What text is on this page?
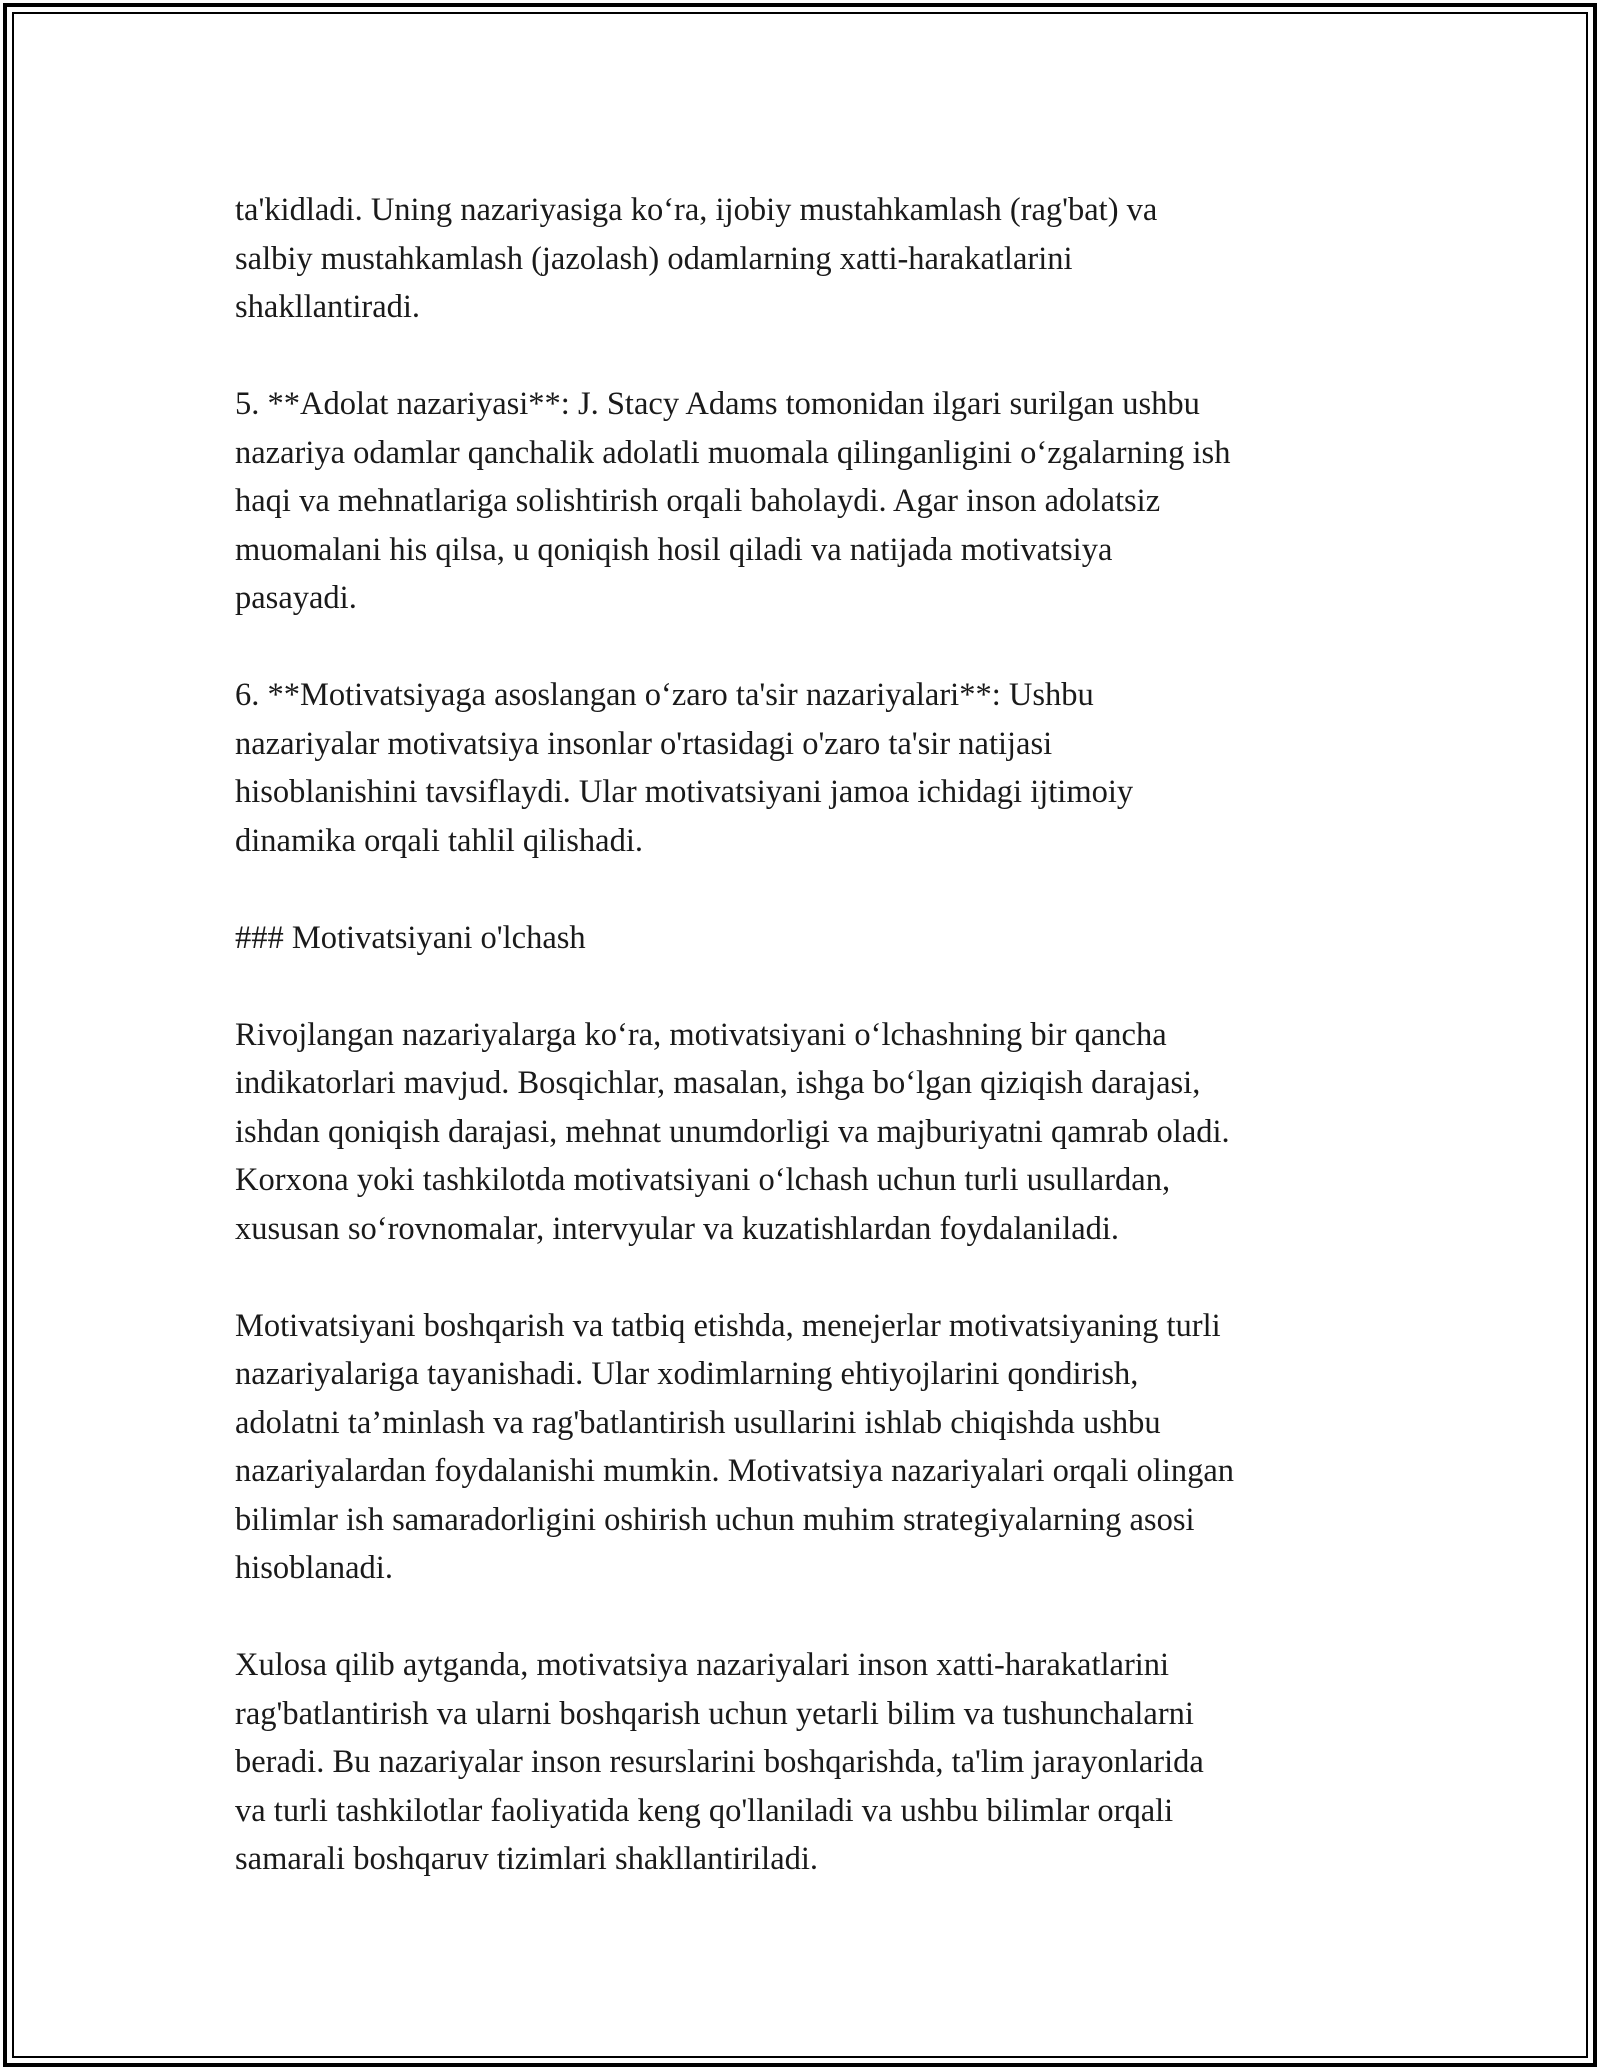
ta'kidladi. Uning nazariyasiga ko‘ra, ijobiy mustahkamlash (rag'bat) va
salbiy mustahkamlash (jazolash) odamlarning xatti-harakatlarini
shakllantiradi.

5. **Adolat nazariyasi**: J. Stacy Adams tomonidan ilgari surilgan ushbu
nazariya odamlar qanchalik adolatli muomala qilinganligini o‘zgalarning ish
haqi va mehnatlariga solishtirish orqali baholaydi. Agar inson adolatsiz
muomalani his qilsa, u qoniqish hosil qiladi va natijada motivatsiya
pasayadi.

6. **Motivatsiyaga asoslangan o‘zaro ta'sir nazariyalari**: Ushbu
nazariyalar motivatsiya insonlar o'rtasidagi o'zaro ta'sir natijasi
hisoblanishini tavsiflaydi. Ular motivatsiyani jamoa ichidagi ijtimoiy
dinamika orqali tahlil qilishadi.

### Motivatsiyani o'lchash

Rivojlangan nazariyalarga ko‘ra, motivatsiyani o‘lchashning bir qancha
indikatorlari mavjud. Bosqichlar, masalan, ishga bo‘lgan qiziqish darajasi,
ishdan qoniqish darajasi, mehnat unumdorligi va majburiyatni qamrab oladi.
Korxona yoki tashkilotda motivatsiyani o‘lchash uchun turli usullardan,
xususan so‘rovnomalar, intervyular va kuzatishlardan foydalaniladi.

Motivatsiyani boshqarish va tatbiq etishda, menejerlar motivatsiyaning turli
nazariyalariga tayanishadi. Ular xodimlarning ehtiyojlarini qondirish,
adolatni ta’minlash va rag'batlantirish usullarini ishlab chiqishda ushbu
nazariyalardan foydalanishi mumkin. Motivatsiya nazariyalari orqali olingan
bilimlar ish samaradorligini oshirish uchun muhim strategiyalarning asosi
hisoblanadi.

Xulosa qilib aytganda, motivatsiya nazariyalari inson xatti-harakatlarini
rag'batlantirish va ularni boshqarish uchun yetarli bilim va tushunchalarni
beradi. Bu nazariyalar inson resurslarini boshqarishda, ta'lim jarayonlarida
va turli tashkilotlar faoliyatida keng qo'llaniladi va ushbu bilimlar orqali
samarali boshqaruv tizimlari shakllantiriladi.
